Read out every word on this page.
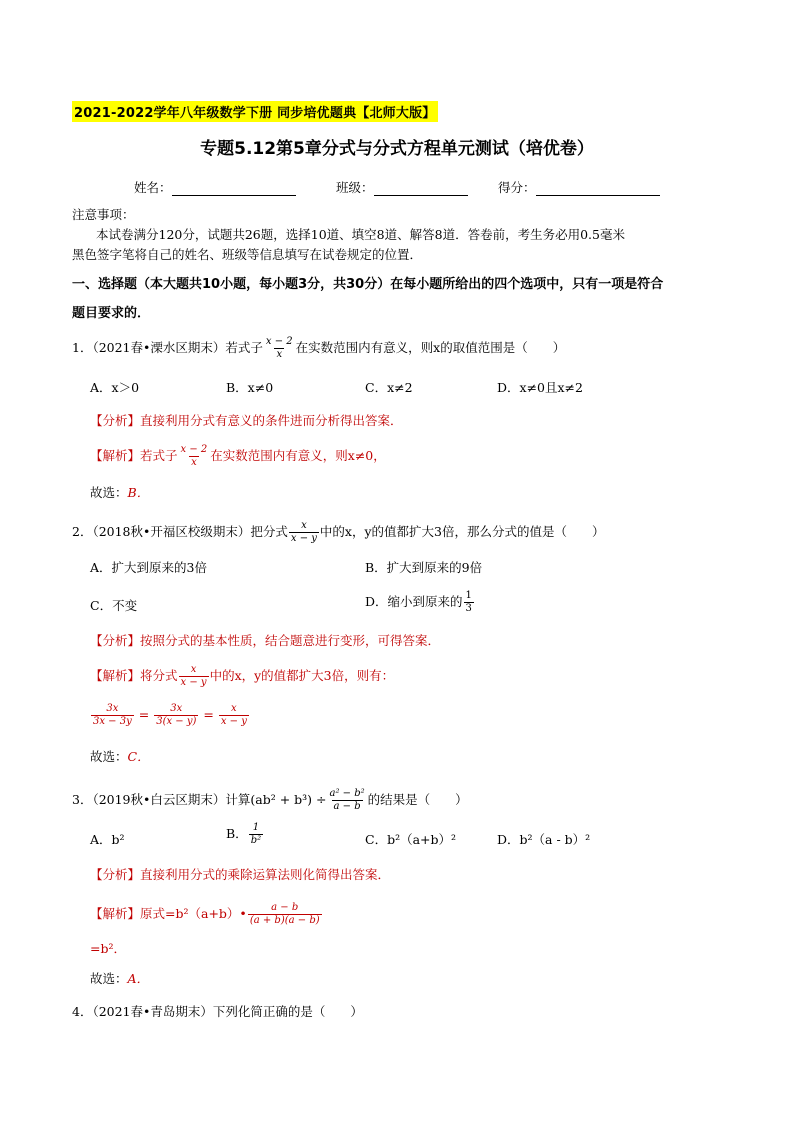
2021-2022学年八年级数学下册 同步培优题典【北师大版】
专题5.12第5章分式与分式方程单元测试（培优卷）
姓名：	班级：	得分：
注意事项：
本试卷满分120分，试题共26题，选择10道、填空8道、解答8道．答卷前，考生务必用0.5毫米
黑色签字笔将自己的姓名、班级等信息填写在试卷规定的位置．
一、选择题（本大题共10小题，每小题3分，共30分）在每小题所给出的四个选项中，只有一项是符合
题目要求的．
1．（2021春•溧水区期末）若式子 $\frac{x - 2}{x}$ 在实数范围内有意义，则x的取值范围是（　　）
A．x＞0	B．x≠0	C．x≠2	D．x≠0且x≠2
【分析】直接利用分式有意义的条件进而分析得出答案．
【解析】若式子 $\frac{x - 2}{x}$ 在实数范围内有意义，则x≠0，
故选：B．
2．（2018秋•开福区校级期末）把分式 $\frac{x}{x - y}$ 中的x，y的值都扩大3倍，那么分式的值是（　　）
A．扩大到原来的3倍	B．扩大到原来的9倍
C．不变	D．缩小到原来的 $\frac{1}{3}$
【分析】按照分式的基本性质，结合题意进行变形，可得答案．
【解析】将分式 $\frac{x}{x - y}$ 中的x，y的值都扩大3倍，则有：
$\frac{3x}{3x - 3y} = \frac{3x}{3(x - y)} = \frac{x}{x - y}$
故选：C．
3．（2019秋•白云区期末）计算$(ab^2 + b^3) \div \frac{\text{a² − b²}}{a - b}$ 的结果是（　　）
A．b²	B． $\frac{1}{\text{b²}}$	C．b²（a+b）²	D．b²（a - b）²
【分析】直接利用分式的乘除运算法则化简得出答案．
【解析】原式=b²（a+b）• $\frac{a - b}{(a + b)(a - b)}$
=b²．
故选：A．
4．（2021春•青岛期末）下列化简正确的是（　　）
